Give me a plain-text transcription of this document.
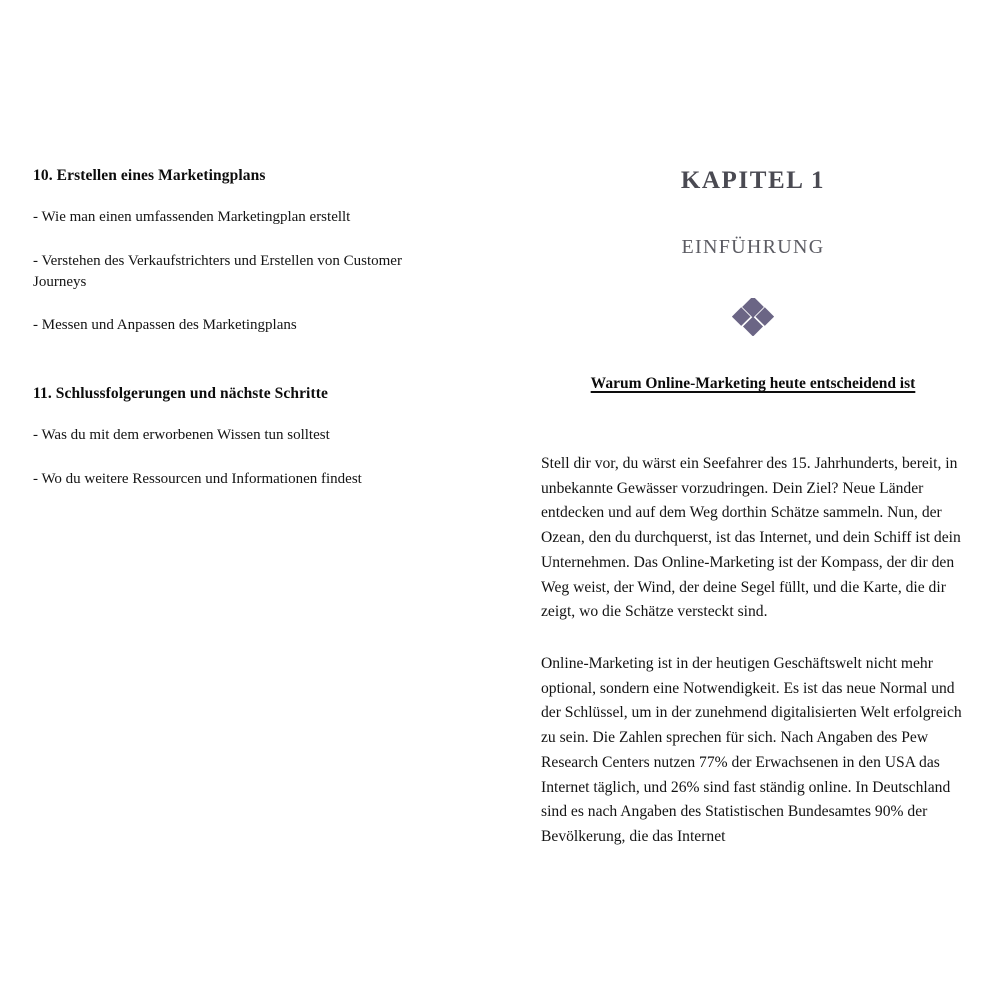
10. Erstellen eines Marketingplans

- Wie man einen umfassenden Marketingplan erstellt

- Verstehen des Verkaufstrichters und Erstellen von Customer Journeys

- Messen und Anpassen des Marketingplans

11. Schlussfolgerungen und nächste Schritte

- Was du mit dem erworbenen Wissen tun solltest

- Wo du weitere Ressourcen und Informationen findest

KAPITEL 1
EINFÜHRUNG
Warum Online-Marketing heute entscheidend ist

Stell dir vor, du wärst ein Seefahrer des 15. Jahrhunderts, bereit, in unbekannte Gewässer vorzudringen. Dein Ziel? Neue Länder entdecken und auf dem Weg dorthin Schätze sammeln. Nun, der Ozean, den du durchquerst, ist das Internet, und dein Schiff ist dein Unternehmen. Das Online-Marketing ist der Kompass, der dir den Weg weist, der Wind, der deine Segel füllt, und die Karte, die dir zeigt, wo die Schätze versteckt sind.

Online-Marketing ist in der heutigen Geschäftswelt nicht mehr optional, sondern eine Notwendigkeit. Es ist das neue Normal und der Schlüssel, um in der zunehmend digitalisierten Welt erfolgreich zu sein. Die Zahlen sprechen für sich. Nach Angaben des Pew Research Centers nutzen 77% der Erwachsenen in den USA das Internet täglich, und 26% sind fast ständig online. In Deutschland sind es nach Angaben des Statistischen Bundesamtes 90% der Bevölkerung, die das Internet
